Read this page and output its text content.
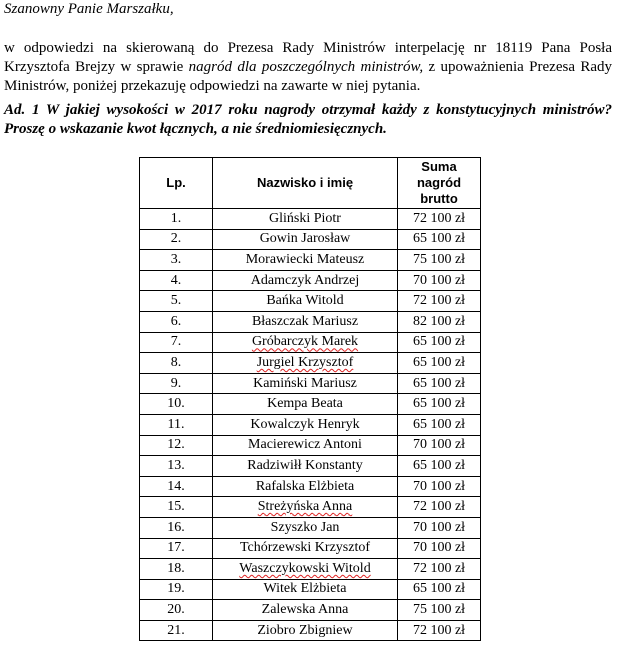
Szanowny Panie Marszałku,
w odpowiedzi na skierowaną do Prezesa Rady Ministrów interpelację nr 18119 Pana Posła Krzysztofa Brejzy w sprawie nagród dla poszczególnych ministrów, z upoważnienia Prezesa Rady Ministrów, poniżej przekazuję odpowiedzi na zawarte w niej pytania.
Ad. 1 W jakiej wysokości w 2017 roku nagrody otrzymał każdy z konstytucyjnych ministrów? Proszę o wskazanie kwot łącznych, a nie średniomiesięcznych.
Lp.	Nazwisko i imię	Suma
nagród
brutto

1.	Gliński Piotr	72 100 zł
2.	Gowin Jarosław	65 100 zł
3.	Morawiecki Mateusz	75 100 zł
4.	Adamczyk Andrzej	70 100 zł
5.	Bańka Witold	72 100 zł
6.	Błaszczak Mariusz	82 100 zł
7.	Gróbarczyk Marek	65 100 zł
8.	Jurgiel Krzysztof	65 100 zł
9.	Kamiński Mariusz	65 100 zł
10.	Kempa Beata	65 100 zł
11.	Kowalczyk Henryk	65 100 zł
12.	Macierewicz Antoni	70 100 zł
13.	Radziwiłł Konstanty	65 100 zł
14.	Rafalska Elżbieta	70 100 zł
15.	Streżyńska Anna	72 100 zł
16.	Szyszko Jan	70 100 zł
17.	Tchórzewski Krzysztof	70 100 zł
18.	Waszczykowski Witold	72 100 zł
19.	Witek Elżbieta	65 100 zł
20.	Zalewska Anna	75 100 zł
21.	Ziobro Zbigniew	72 100 zł
